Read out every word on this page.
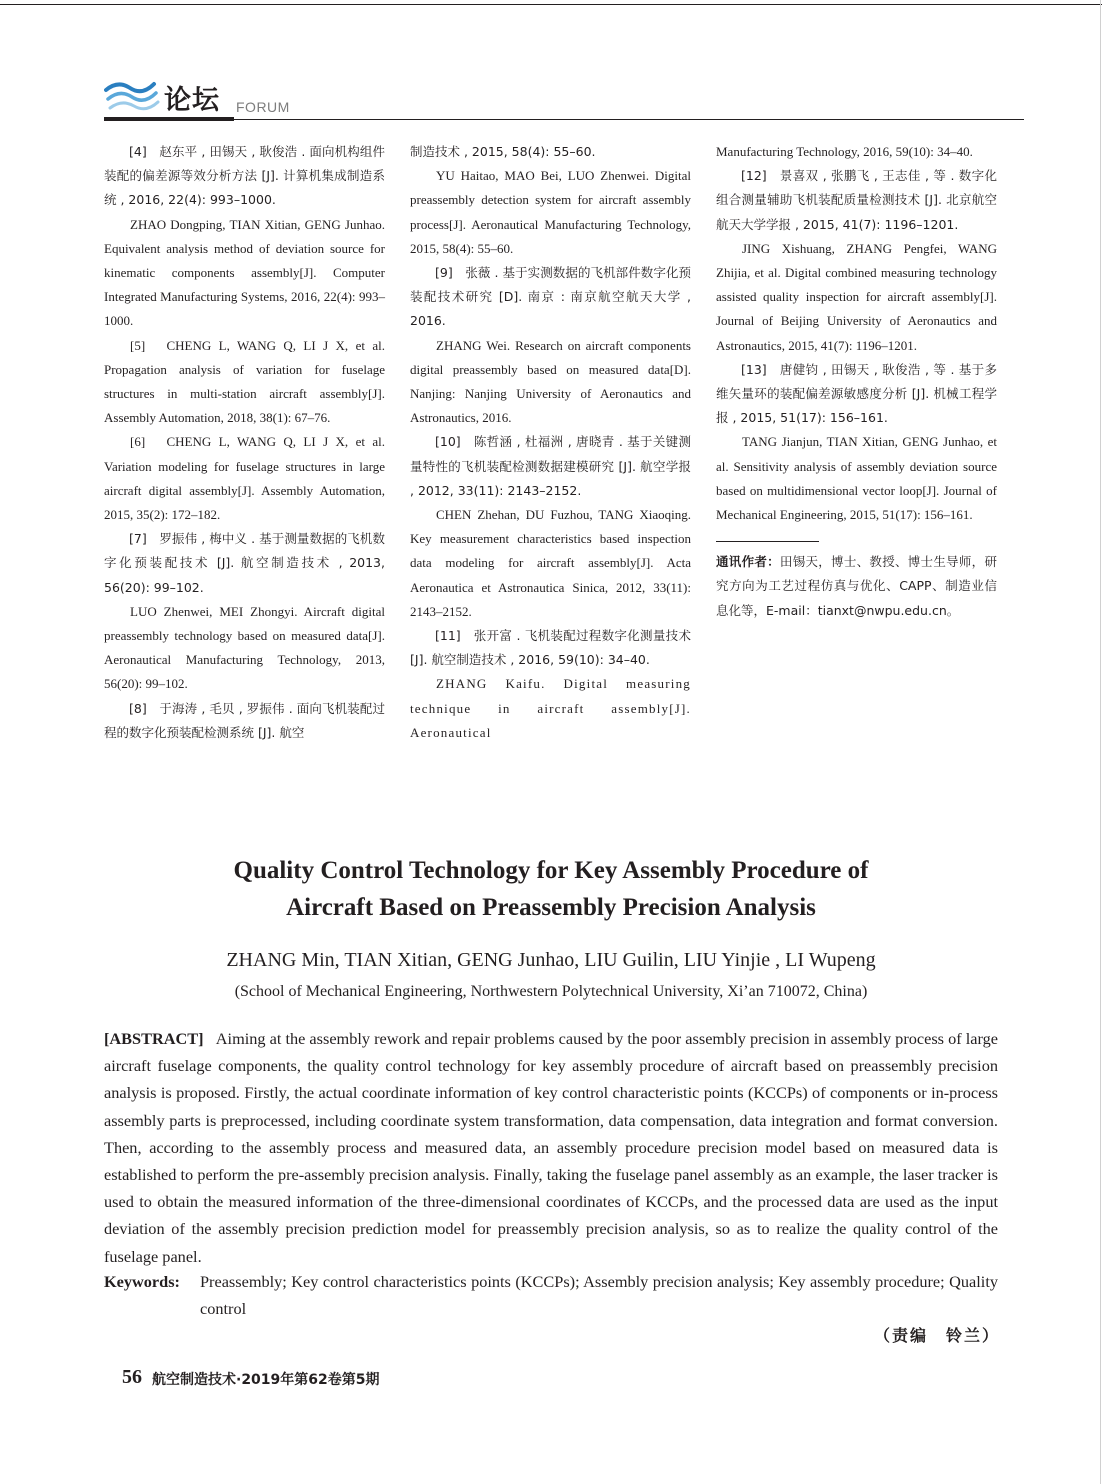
论坛 FORUM

[4]　赵东平 , 田锡天 , 耿俊浩 . 面向机构组件装配的偏差源等效分析方法 [J]. 计算机集成制造系统 , 2016, 22(4): 993–1000.

ZHAO Dongping, TIAN Xitian, GENG Junhao. Equivalent analysis method of deviation source for kinematic components assembly[J]. Computer Integrated Manufacturing Systems, 2016, 22(4): 993–1000.

[5]　CHENG L, WANG Q, LI J X, et al. Propagation analysis of variation for fuselage structures in multi-station aircraft assembly[J]. Assembly Automation, 2018, 38(1): 67–76.

[6]　CHENG L, WANG Q, LI J X, et al. Variation modeling for fuselage structures in large aircraft digital assembly[J]. Assembly Automation, 2015, 35(2): 172–182.

[7]　罗振伟 , 梅中义 . 基于测量数据的飞机数字化预装配技术 [J]. 航空制造技术 , 2013, 56(20): 99–102.

LUO Zhenwei, MEI Zhongyi. Aircraft digital preassembly technology based on measured data[J]. Aeronautical Manufacturing Technology, 2013, 56(20): 99–102.

[8]　于海涛 , 毛贝 , 罗振伟 . 面向飞机装配过程的数字化预装配检测系统 [J]. 航空

制造技术 , 2015, 58(4): 55–60.

YU Haitao, MAO Bei, LUO Zhenwei. Digital preassembly detection system for aircraft assembly process[J]. Aeronautical Manufacturing Technology, 2015, 58(4): 55–60.

[9]　张薇 . 基于实测数据的飞机部件数字化预装配技术研究 [D]. 南京 : 南京航空航天大学 , 2016.

ZHANG Wei. Research on aircraft components digital preassembly based on measured data[D]. Nanjing: Nanjing University of Aeronautics and Astronautics, 2016.

[10]　陈哲涵 , 杜福洲 , 唐晓青 . 基于关键测量特性的飞机装配检测数据建模研究 [J]. 航空学报 , 2012, 33(11): 2143–2152.

CHEN Zhehan, DU Fuzhou, TANG Xiaoqing. Key measurement characteristics based inspection data modeling for aircraft assembly[J]. Acta Aeronautica et Astronautica Sinica, 2012, 33(11): 2143–2152.

[11]　张开富 . 飞机装配过程数字化测量技术 [J]. 航空制造技术 , 2016, 59(10): 34–40.

ZHANG Kaifu. Digital measuring technique in aircraft assembly[J]. Aeronautical

Manufacturing Technology, 2016, 59(10): 34–40.

[12]　景喜双 , 张鹏飞 , 王志佳 , 等 . 数字化组合测量辅助飞机装配质量检测技术 [J]. 北京航空航天大学学报 , 2015, 41(7): 1196–1201.

JING Xishuang, ZHANG Pengfei, WANG Zhijia, et al. Digital combined measuring technology assisted quality inspection for aircraft assembly[J]. Journal of Beijing University of Aeronautics and Astronautics, 2015, 41(7): 1196–1201.

[13]　唐健钧 , 田锡天 , 耿俊浩 , 等 . 基于多维矢量环的装配偏差源敏感度分析 [J]. 机械工程学报 , 2015, 51(17): 156–161.

TANG Jianjun, TIAN Xitian, GENG Junhao, et al. Sensitivity analysis of assembly deviation source based on multidimensional vector loop[J]. Journal of Mechanical Engineering, 2015, 51(17): 156–161.

通讯作者：田锡天，博士、教授、博士生导师，研究方向为工艺过程仿真与优化、CAPP、制造业信息化等，E-mail：tianxt@nwpu.edu.cn。

Quality Control Technology for Key Assembly Procedure of
Aircraft Based on Preassembly Precision Analysis
ZHANG Min, TIAN Xitian, GENG Junhao, LIU Guilin, LIU Yinjie , LI Wupeng
(School of Mechanical Engineering, Northwestern Polytechnical University, Xi’an 710072, China)

[ABSTRACT] Aiming at the assembly rework and repair problems caused by the poor assembly precision in assembly process of large aircraft fuselage components, the quality control technology for key assembly procedure of aircraft based on preassembly precision analysis is proposed. Firstly, the actual coordinate information of key control characteristic points (KCCPs) of components or in-process assembly parts is preprocessed, including coordinate system transformation, data compensation, data integration and format conversion. Then, according to the assembly process and measured data, an assembly procedure precision model based on measured data is established to perform the pre-assembly precision analysis. Finally, taking the fuselage panel assembly as an example, the laser tracker is used to obtain the measured information of the three-dimensional coordinates of KCCPs, and the processed data are used as the input deviation of the assembly precision prediction model for preassembly precision analysis, so as to realize the quality control of the fuselage panel.

Keywords: Preassembly; Key control characteristics points (KCCPs); Assembly precision analysis; Key assembly procedure; Quality control
（责编　铃兰）
56 航空制造技术·2019年第62卷第5期
